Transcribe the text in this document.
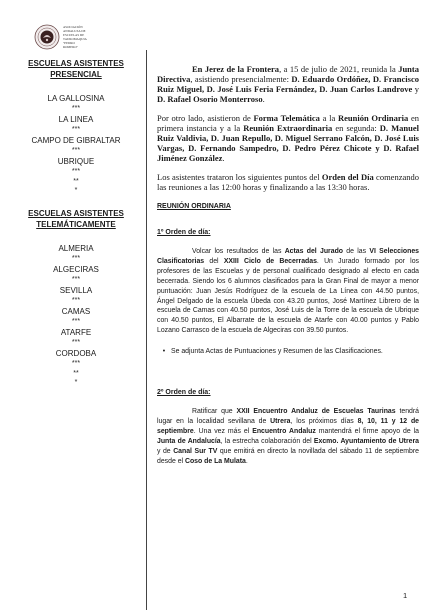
ASOCIACIÓN
ANDALUZA DE
ESCUELAS DE
TAUROMAQUIA
"PEDRO ROMERO"
ESCUELAS ASISTENTES
PRESENCIAL
LA GALLOSINA
***
LA LINEA
***
CAMPO DE GIBRALTAR
***
UBRIQUE
***
**
*
ESCUELAS ASISTENTES
TELEMÁTICAMENTE
ALMERIA
***
ALGECIRAS
***
SEVILLA
***
CAMAS
***
ATARFE
***
CORDOBA
***
**
*

En Jerez de la Frontera, a 15 de julio de 2021, reunida la Junta Directiva, asistiendo presencialmente: D. Eduardo Ordóñez, D. Francisco Ruiz Miguel, D. José Luis Feria Fernández, D. Juan Carlos Landrove y D. Rafael Osorio Monterroso.

Por otro lado, asistieron de Forma Telemática a la Reunión Ordinaria en primera instancia y a la Reunión Extraordinaria en segunda: D. Manuel Ruiz Valdivia, D. Juan Repullo, D. Miguel Serrano Falcón, D. José Luis Vargas, D. Fernando Sampedro, D. Pedro Pérez Chicote y D. Rafael Jiménez González.

Los asistentes trataron los siguientes puntos del Orden del Día comenzando las reuniones a las 12:00 horas y finalizando a las 13:30 horas.

REUNIÓN ORDINARIA
1º Orden de día:

Volcar los resultados de las Actas del Jurado de las VI Selecciones Clasificatorias del XXIII Ciclo de Becerradas. Un Jurado formado por los profesores de las Escuelas y de personal cualificado designado al efecto en cada becerrada. Siendo los 6 alumnos clasificados para la Gran Final de mayor a menor puntuación: Juan Jesús Rodríguez de la escuela de La Línea con 44.50 puntos, Ángel Delgado de la escuela Úbeda con 43.20 puntos, José Martínez Librero de la escuela de Camas con 40.50 puntos, José Luis de la Torre de la escuela de Ubrique con 40.50 puntos, El Albarrate de la escuela de Atarfe con 40.00 puntos y Pablo Lozano Carrasco de la escuela de Algeciras con 39.50 puntos.

• Se adjunta Actas de Puntuaciones y Resumen de las Clasificaciones.
2º Orden de día:

Ratificar que XXII Encuentro Andaluz de Escuelas Taurinas tendrá lugar en la localidad sevillana de Utrera, los próximos días 8, 10, 11 y 12 de septiembre. Una vez más el Encuentro Andaluz mantendrá el firme apoyo de la Junta de Andalucía, la estrecha colaboración del Excmo. Ayuntamiento de Utrera y de Canal Sur TV que emitirá en directo la novillada del sábado 11 de septiembre desde el Coso de La Mulata.

1
